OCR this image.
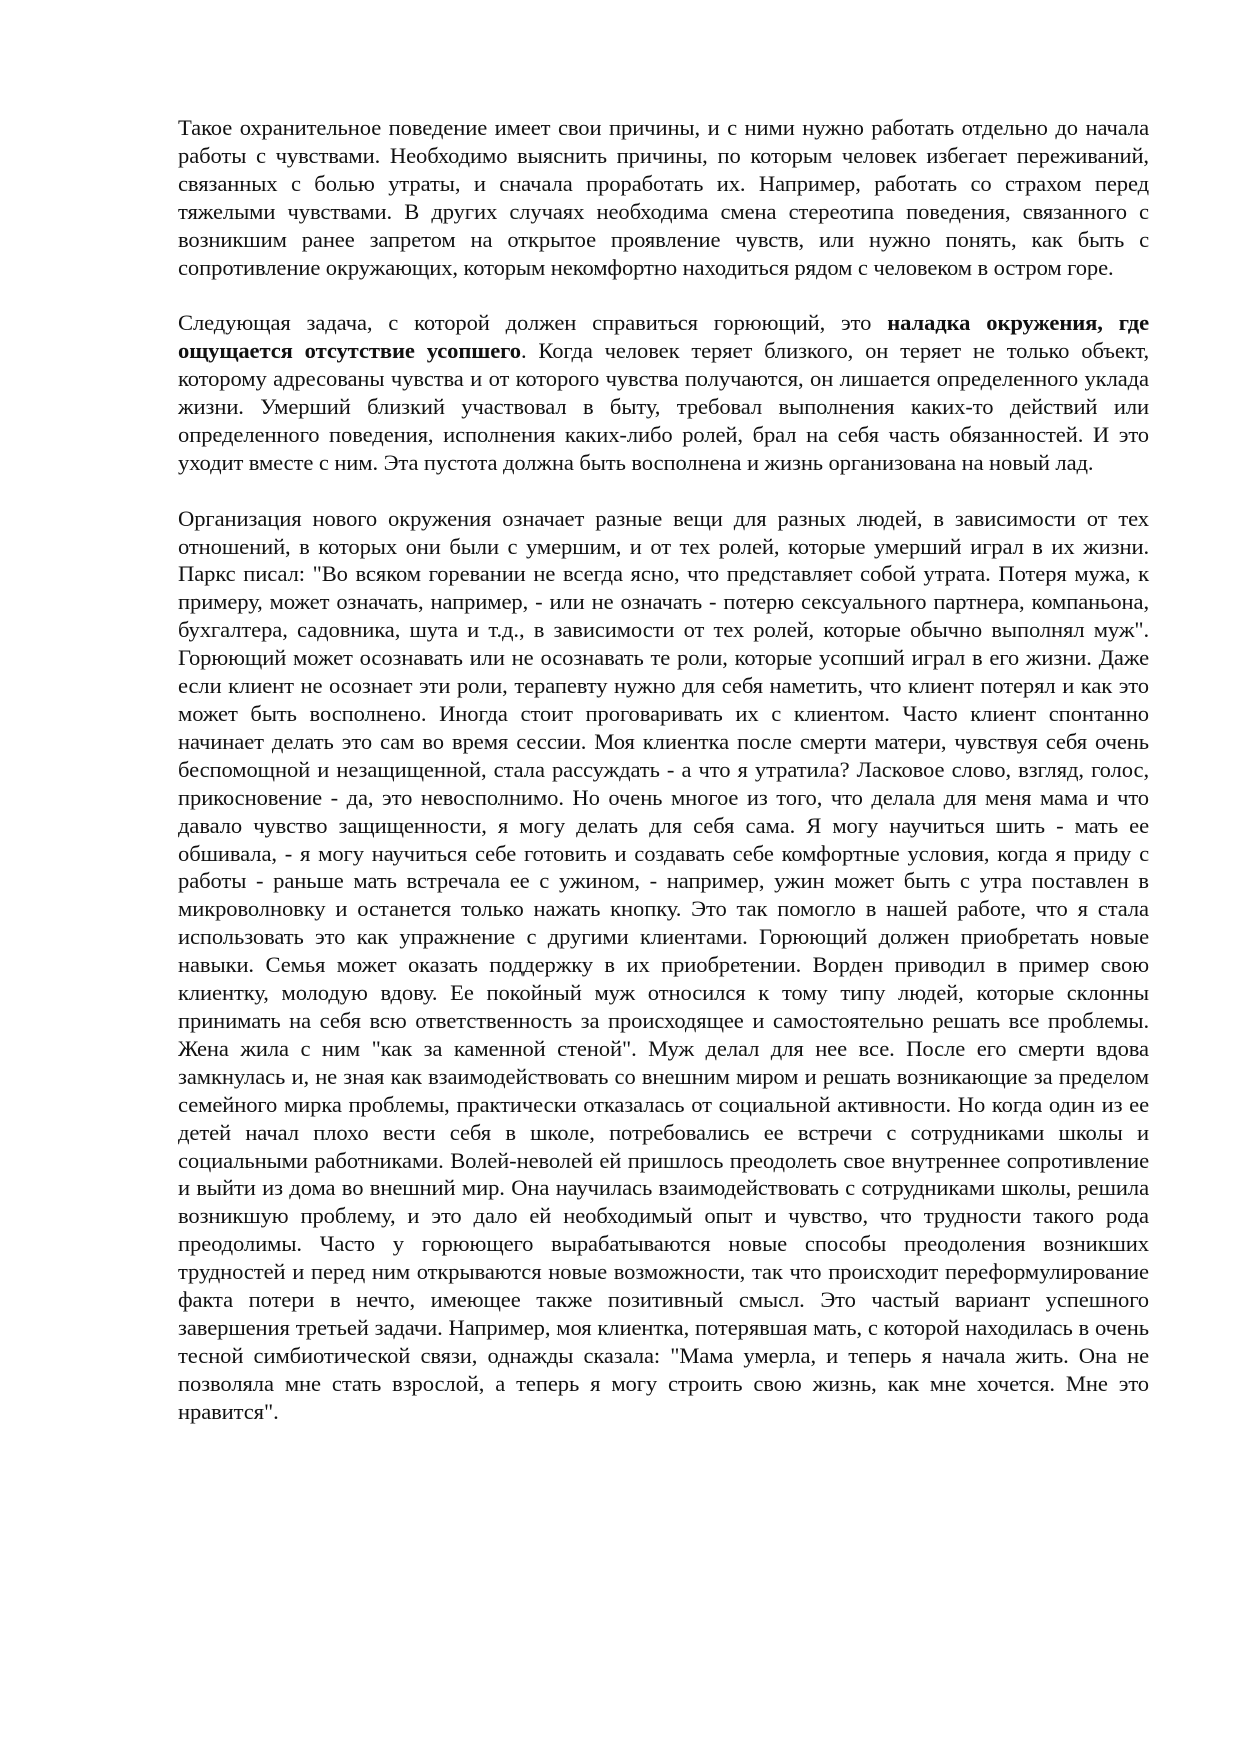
Такое охранительное поведение имеет свои причины, и с ними нужно работать отдельно до начала работы с чувствами. Необходимо выяснить причины, по которым человек избегает переживаний, связанных с болью утраты, и сначала проработать их. Например, работать со страхом перед тяжелыми чувствами. В других случаях необходима смена стереотипа поведения, связанного с возникшим ранее запретом на открытое проявление чувств, или нужно понять, как быть с сопротивление окружающих, которым некомфортно находиться рядом с человеком в остром горе.

Следующая задача, с которой должен справиться горюющий, это наладка окружения, где ощущается отсутствие усопшего. Когда человек теряет близкого, он теряет не только объект, которому адресованы чувства и от которого чувства получаются, он лишается определенного уклада жизни. Умерший близкий участвовал в быту, требовал выполнения каких-то действий или определенного поведения, исполнения каких-либо ролей, брал на себя часть обязанностей. И это уходит вместе с ним. Эта пустота должна быть восполнена и жизнь организована на новый лад.

Организация нового окружения означает разные вещи для разных людей, в зависимости от тех отношений, в которых они были с умершим, и от тех ролей, которые умерший играл в их жизни. Паркс писал: "Во всяком горевании не всегда ясно, что представляет собой утрата. Потеря мужа, к примеру, может означать, например, - или не означать - потерю сексуального партнера, компаньона, бухгалтера, садовника, шута и т.д., в зависимости от тех ролей, которые обычно выполнял муж". Горюющий может осознавать или не осознавать те роли, которые усопший играл в его жизни. Даже если клиент не осознает эти роли, терапевту нужно для себя наметить, что клиент потерял и как это может быть восполнено. Иногда стоит проговаривать их с клиентом. Часто клиент спонтанно начинает делать это сам во время сессии. Моя клиентка после смерти матери, чувствуя себя очень беспомощной и незащищенной, стала рассуждать - а что я утратила? Ласковое слово, взгляд, голос, прикосновение - да, это невосполнимо. Но очень многое из того, что делала для меня мама и что давало чувство защищенности, я могу делать для себя сама. Я могу научиться шить - мать ее обшивала, - я могу научиться себе готовить и создавать себе комфортные условия, когда я приду с работы - раньше мать встречала ее с ужином, - например, ужин может быть с утра поставлен в микроволновку и останется только нажать кнопку. Это так помогло в нашей работе, что я стала использовать это как упражнение с другими клиентами. Горюющий должен приобретать новые навыки. Семья может оказать поддержку в их приобретении. Ворден приводил в пример свою клиентку, молодую вдову. Ее покойный муж относился к тому типу людей, которые склонны принимать на себя всю ответственность за происходящее и самостоятельно решать все проблемы. Жена жила с ним "как за каменной стеной". Муж делал для нее все. После его смерти вдова замкнулась и, не зная как взаимодействовать со внешним миром и решать возникающие за пределом семейного мирка проблемы, практически отказалась от социальной активности. Но когда один из ее детей начал плохо вести себя в школе, потребовались ее встречи с сотрудниками школы и социальными работниками. Волей-неволей ей пришлось преодолеть свое внутреннее сопротивление и выйти из дома во внешний мир. Она научилась взаимодействовать с сотрудниками школы, решила возникшую проблему, и это дало ей необходимый опыт и чувство, что трудности такого рода преодолимы. Часто у горюющего вырабатываются новые способы преодоления возникших трудностей и перед ним открываются новые возможности, так что происходит переформулирование факта потери в нечто, имеющее также позитивный смысл. Это частый вариант успешного завершения третьей задачи. Например, моя клиентка, потерявшая мать, с которой находилась в очень тесной симбиотической связи, однажды сказала: "Мама умерла, и теперь я начала жить. Она не позволяла мне стать взрослой, а теперь я могу строить свою жизнь, как мне хочется. Мне это нравится".
